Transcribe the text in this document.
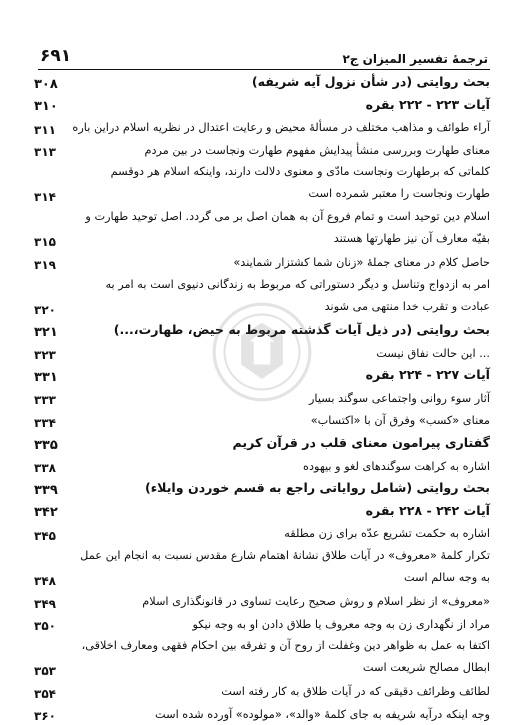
۶۹۱	ترجمۀ تفسیر المیزان ج۲
بحث روایتی (در شأن نزول آیه شریفه)
۳۰۸
آیات ۲۲۳ - ۲۲۲ بقره
۳۱۰
آراء طوائف و مذاهب مختلف در مسألۀ محیض و رعایت اعتدال در نظریه اسلام دراین باره
۳۱۱
معنای طهارت وبررسی منشأ پیدایش مفهوم طهارت ونجاست در بین مردم
۳۱۳
کلماتی که برطهارت ونجاست مادّی و معنوی دلالت دارند، واینکه اسلام هر دوقسم طهارت ونجاست را معتبر شمرده است
۳۱۴
اسلام دین توحید است و تمام فروع آن به همان اصل بر می گردد. اصل توحید طهارت و بقیّه معارف آن نیز طهارتها هستند
۳۱۵
حاصل کلام در معنای جملۀ «زنان شما کشتزار شمایند»
۳۱۹
امر به ازدواج وتناسل و دیگر دستوراتی که مربوط به زندگانی دنیوی است به امر به عبادت و تقرب خدا منتهی می شوند
۳۲۰
بحث روایتی (در ذیل آیات گذشته مربوط به حیض، طهارت،...)
۳۲۱
... این حالت نفاق نیست
۳۲۳
آیات ۲۲۷ - ۲۲۴ بقره
۳۳۱
آثار سوء روانی واجتماعی سوگند بسیار
۳۳۳
معنای «کسب» وفرق آن با «اکتساب»
۳۳۴
گفتاری پیرامون معنای قلب در قرآن کریم
۳۳۵
اشاره به کراهت سوگندهای لغو و بیهوده
۳۳۸
بحث روایتی (شامل روایاتی راجع به قسم خوردن وایلاء)
۳۳۹
آیات ۲۴۲ - ۲۲۸ بقره
۳۴۲
اشاره به حکمت تشریع عدّه برای زن مطلقه
۳۴۵
تکرار کلمۀ «معروف» در آیات طلاق نشانۀ اهتمام شارع مقدس نسبت به انجام این عمل به وجه سالم است
۳۴۸
«معروف» از نظر اسلام و روش صحیح رعایت تساوی در قانونگذاری اسلام
۳۴۹
مراد از نگهداری زن به وجه معروف یا طلاق دادن او به وجه نیکو
۳۵۰
اکتفا به عمل به ظواهر دین وغفلت از روح آن و تفرقه بین احکام فقهی ومعارف اخلاقی، ابطال مصالح شریعت است
۳۵۳
لطائف وظرائف دقیقی که در آیات طلاق به کار رفته است
۳۵۴
وجه اینکه درآیه شریفه به جای کلمۀ «والد»، «مولوده» آورده شده است
۳۶۰
